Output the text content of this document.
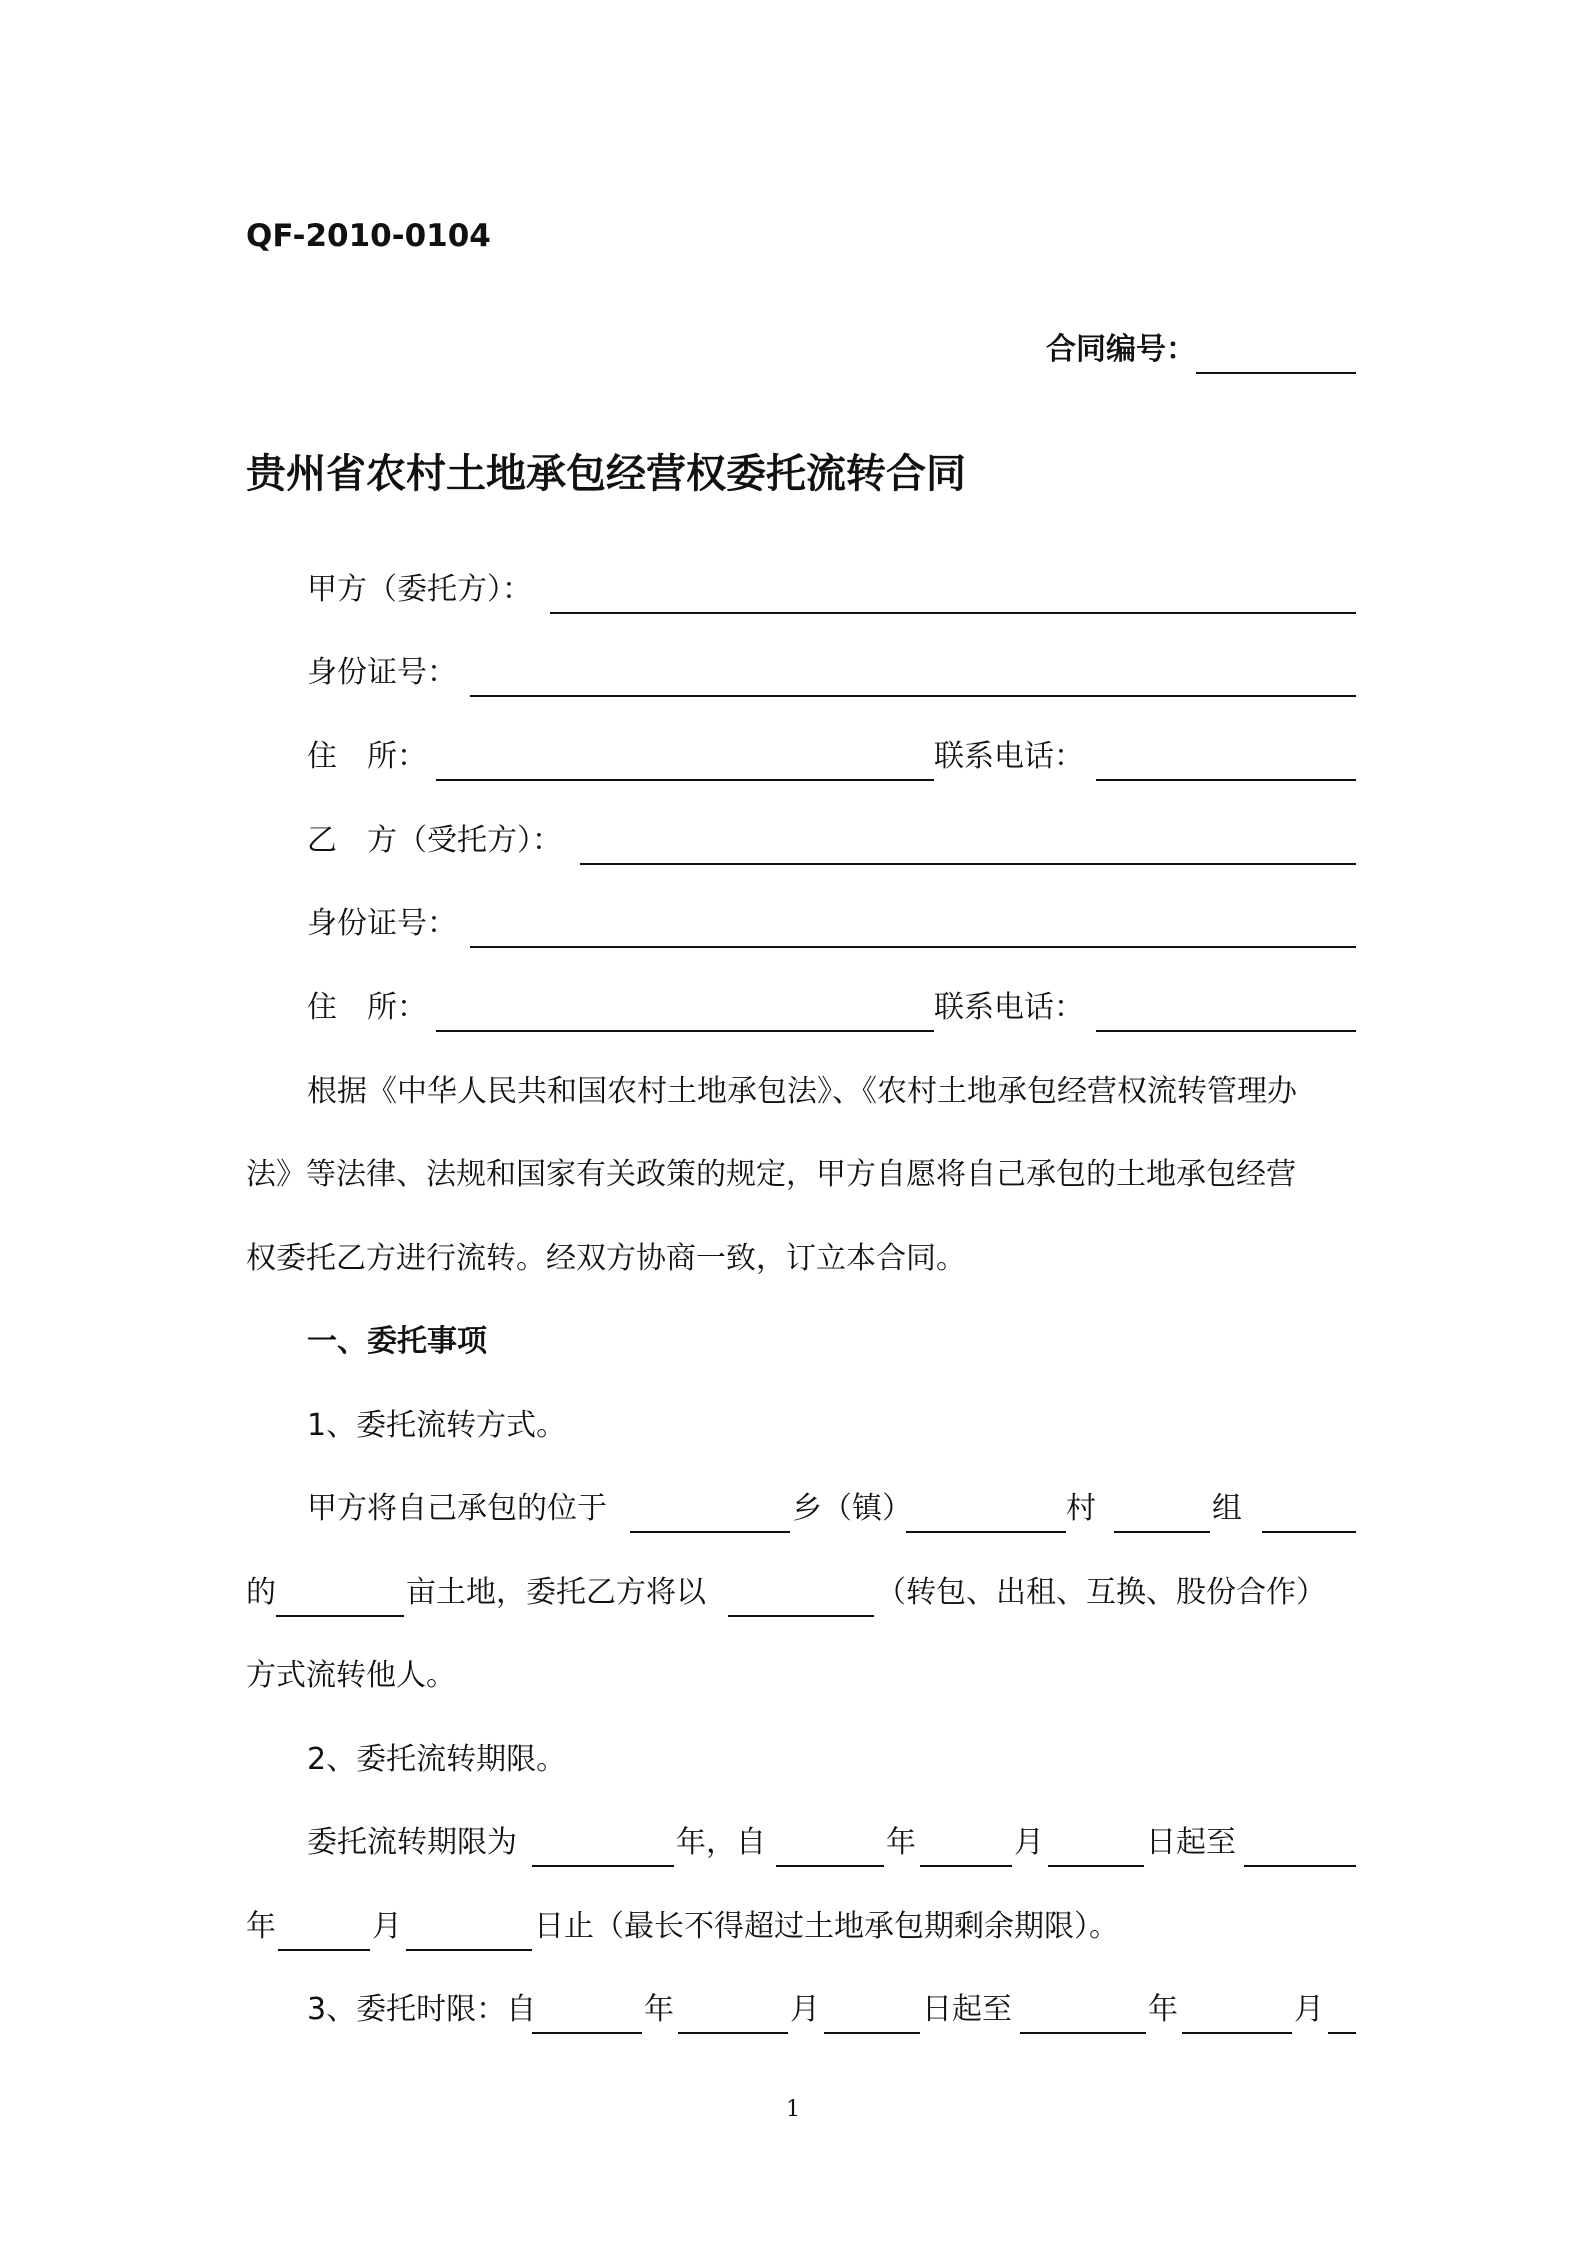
QF-2010-0104
合同编号：
贵州省农村土地承包经营权委托流转合同
甲方（委托方）：
身份证号：
住　所：	联系电话：
乙　方（受托方）：
身份证号：
住　所：	联系电话：
根据《中华人民共和国农村土地承包法》、《农村土地承包经营权流转管理办
法》等法律、法规和国家有关政策的规定，甲方自愿将自己承包的土地承包经营
权委托乙方进行流转。经双方协商一致，订立本合同。
一、委托事项
1、委托流转方式。
甲方将自己承包的位于	乡（镇）	村	组
的	亩土地，委托乙方将以	（转包、出租、互换、股份合作）
方式流转他人。
2、委托流转期限。
委托流转期限为	年，自	年	月	日起至
年	月	日止（最长不得超过土地承包期剩余期限）。
3、委托时限：自	年	月	日起至	年	月
1
